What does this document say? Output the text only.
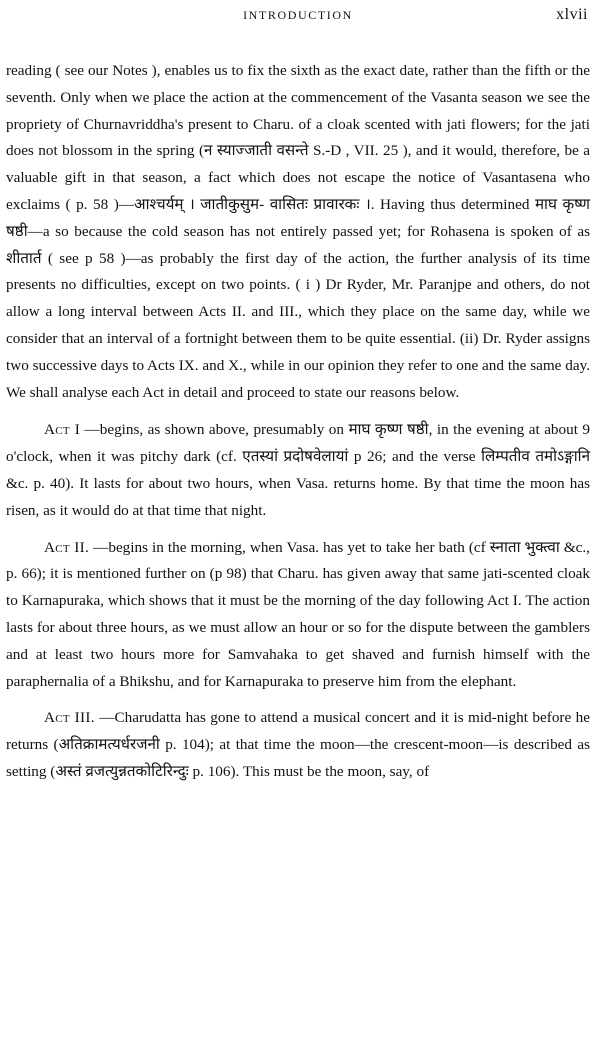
INTRODUCTION	xlvii

reading ( see our Notes ), enables us to fix the sixth as the exact date, rather than the fifth or the seventh. Only when we place the action at the commencement of the Vasanta season we see the propriety of Churnavriddha's present to Charu. of a cloak scented with jati flowers; for the jati does not blossom in the spring (न स्याज्जाती वसन्ते S.-D , VII. 25 ), and it would, therefore, be a valuable gift in that season, a fact which does not escape the notice of Vasantasena who exclaims ( p. 58 )—आश्चर्यम् । जातीकुसुम- वासितः प्रावारकः ।. Having thus determined माघ कृष्ण षष्ठी—a so because the cold season has not entirely passed yet; for Rohasena is spoken of as शीतार्त ( see p 58 )—as probably the first day of the action, the further analysis of its time presents no difficulties, except on two points. ( i ) Dr Ryder, Mr. Paranjpe and others, do not allow a long interval between Acts II. and III., which they place on the same day, while we consider that an interval of a fortnight between them to be quite essential. (ii) Dr. Ryder assigns two successive days to Acts IX. and X., while in our opinion they refer to one and the same day. We shall analyse each Act in detail and proceed to state our reasons below.

Act I —begins, as shown above, presumably on माघ कृष्ण षष्ठी, in the evening at about 9 o'clock, when it was pitchy dark (cf. एतस्यां प्रदोषवेलायां p 26; and the verse लिम्पतीव तमोऽङ्गानि &c. p. 40). It lasts for about two hours, when Vasa. returns home. By that time the moon has risen, as it would do at that time that night.

Act II. —begins in the morning, when Vasa. has yet to take her bath (cf स्नाता भुक्त्वा &c., p. 66); it is mentioned further on (p 98) that Charu. has given away that same jati-scented cloak to Karnapuraka, which shows that it must be the morning of the day following Act I. The action lasts for about three hours, as we must allow an hour or so for the dispute between the gamblers and at least two hours more for Samvahaka to get shaved and furnish himself with the paraphernalia of a Bhikshu, and for Karnapuraka to preserve him from the elephant.

Act III. —Charudatta has gone to attend a musical concert and it is mid-night before he returns (अतिक्रामत्यर्धरजनी p. 104); at that time the moon—the crescent-moon—is described as setting (अस्तं व्रजत्युन्नतकोटिरिन्दुः p. 106). This must be the moon, say, of
